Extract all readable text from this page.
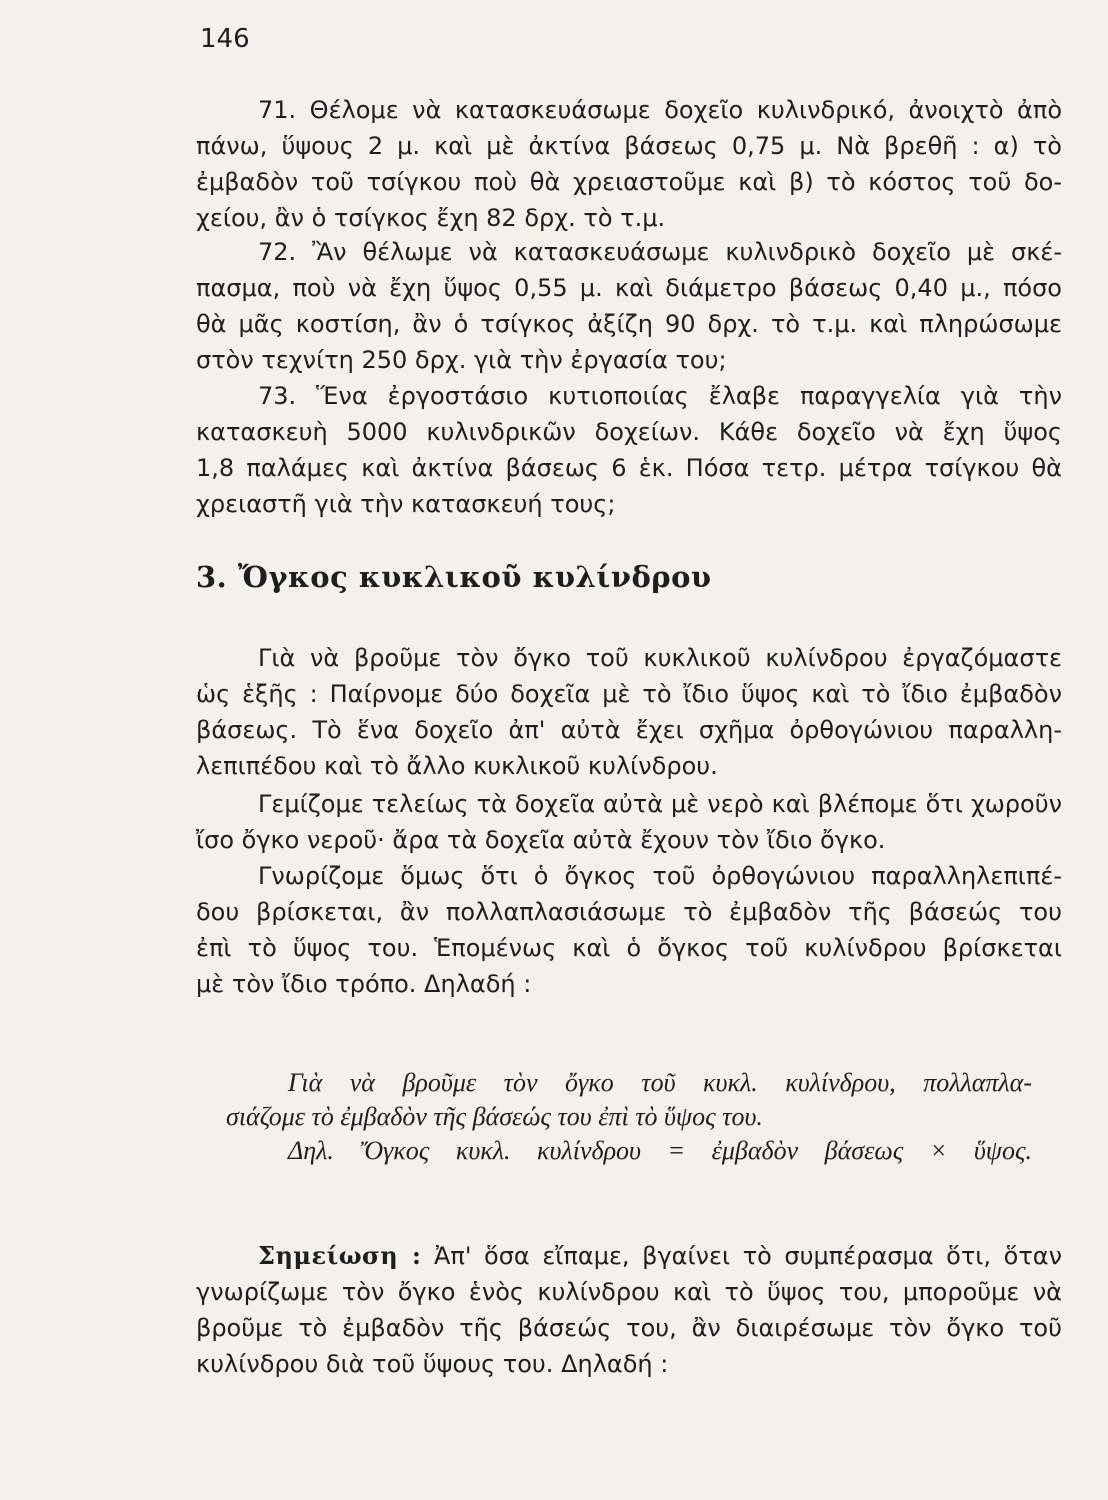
146
71. Θέλομε νὰ κατασκευάσωμε δοχεῖο κυλινδρικό, ἀνοιχτὸ ἀπὸ
πάνω, ὕψους 2 μ. καὶ μὲ ἀκτίνα βάσεως 0,75 μ. Νὰ βρεθῆ : α) τὸ
ἐμβαδὸν τοῦ τσίγκου ποὺ θὰ χρειαστοῦμε καὶ β) τὸ κόστος τοῦ δο-
χείου, ἂν ὁ τσίγκος ἔχη 82 δρχ. τὸ τ.μ.
72. Ἂν θέλωμε νὰ κατασκευάσωμε κυλινδρικὸ δοχεῖο μὲ σκέ-
πασμα, ποὺ νὰ ἔχη ὕψος 0,55 μ. καὶ διάμετρο βάσεως 0,40 μ., πόσο
θὰ μᾶς κοστίση, ἂν ὁ τσίγκος ἀξίζη 90 δρχ. τὸ τ.μ. καὶ πληρώσωμε
στὸν τεχνίτη 250 δρχ. γιὰ τὴν ἐργασία του;
73. Ἕνα ἐργοστάσιο κυτιοποιίας ἔλαβε παραγγελία γιὰ τὴν
κατασκευὴ 5000 κυλινδρικῶν δοχείων. Κάθε δοχεῖο νὰ ἔχη ὕψος
1,8 παλάμες καὶ ἀκτίνα βάσεως 6 ἑκ. Πόσα τετρ. μέτρα τσίγκου θὰ
χρειαστῆ γιὰ τὴν κατασκευή τους;
3. Ὄγκος κυκλικοῦ κυλίνδρου
Γιὰ νὰ βροῦμε τὸν ὄγκο τοῦ κυκλικοῦ κυλίνδρου ἐργαζόμαστε
ὡς ἑξῆς : Παίρνομε δύο δοχεῖα μὲ τὸ ἴδιο ὕψος καὶ τὸ ἴδιο ἐμβαδὸν
βάσεως. Τὸ ἕνα δοχεῖο ἀπ' αὐτὰ ἔχει σχῆμα ὀρθογώνιου παραλλη-
λεπιπέδου καὶ τὸ ἄλλο κυκλικοῦ κυλίνδρου.
Γεμίζομε τελείως τὰ δοχεῖα αὐτὰ μὲ νερὸ καὶ βλέπομε ὅτι χωροῦν
ἴσο ὄγκο νεροῦ· ἄρα τὰ δοχεῖα αὐτὰ ἔχουν τὸν ἴδιο ὄγκο.
Γνωρίζομε ὅμως ὅτι ὁ ὄγκος τοῦ ὀρθογώνιου παραλληλεπιπέ-
δου βρίσκεται, ἂν πολλαπλασιάσωμε τὸ ἐμβαδὸν τῆς βάσεώς του
ἐπὶ τὸ ὕψος του. Ἑπομένως καὶ ὁ ὄγκος τοῦ κυλίνδρου βρίσκεται
μὲ τὸν ἴδιο τρόπο. Δηλαδή :
Γιὰ νὰ βροῦμε τὸν ὄγκο τοῦ κυκλ. κυλίνδρου, πολλαπλα-
σιάζομε τὸ ἐμβαδὸν τῆς βάσεώς του ἐπὶ τὸ ὕψος του.
Δηλ. Ὄγκος κυκλ. κυλίνδρου = ἐμβαδὸν βάσεως × ὕψος.
Σημείωση : Ἀπ' ὅσα εἴπαμε, βγαίνει τὸ συμπέρασμα ὅτι, ὅταν
γνωρίζωμε τὸν ὄγκο ἑνὸς κυλίνδρου καὶ τὸ ὕψος του, μποροῦμε νὰ
βροῦμε τὸ ἐμβαδὸν τῆς βάσεώς του, ἂν διαιρέσωμε τὸν ὄγκο τοῦ
κυλίνδρου διὰ τοῦ ὕψους του. Δηλαδή :
